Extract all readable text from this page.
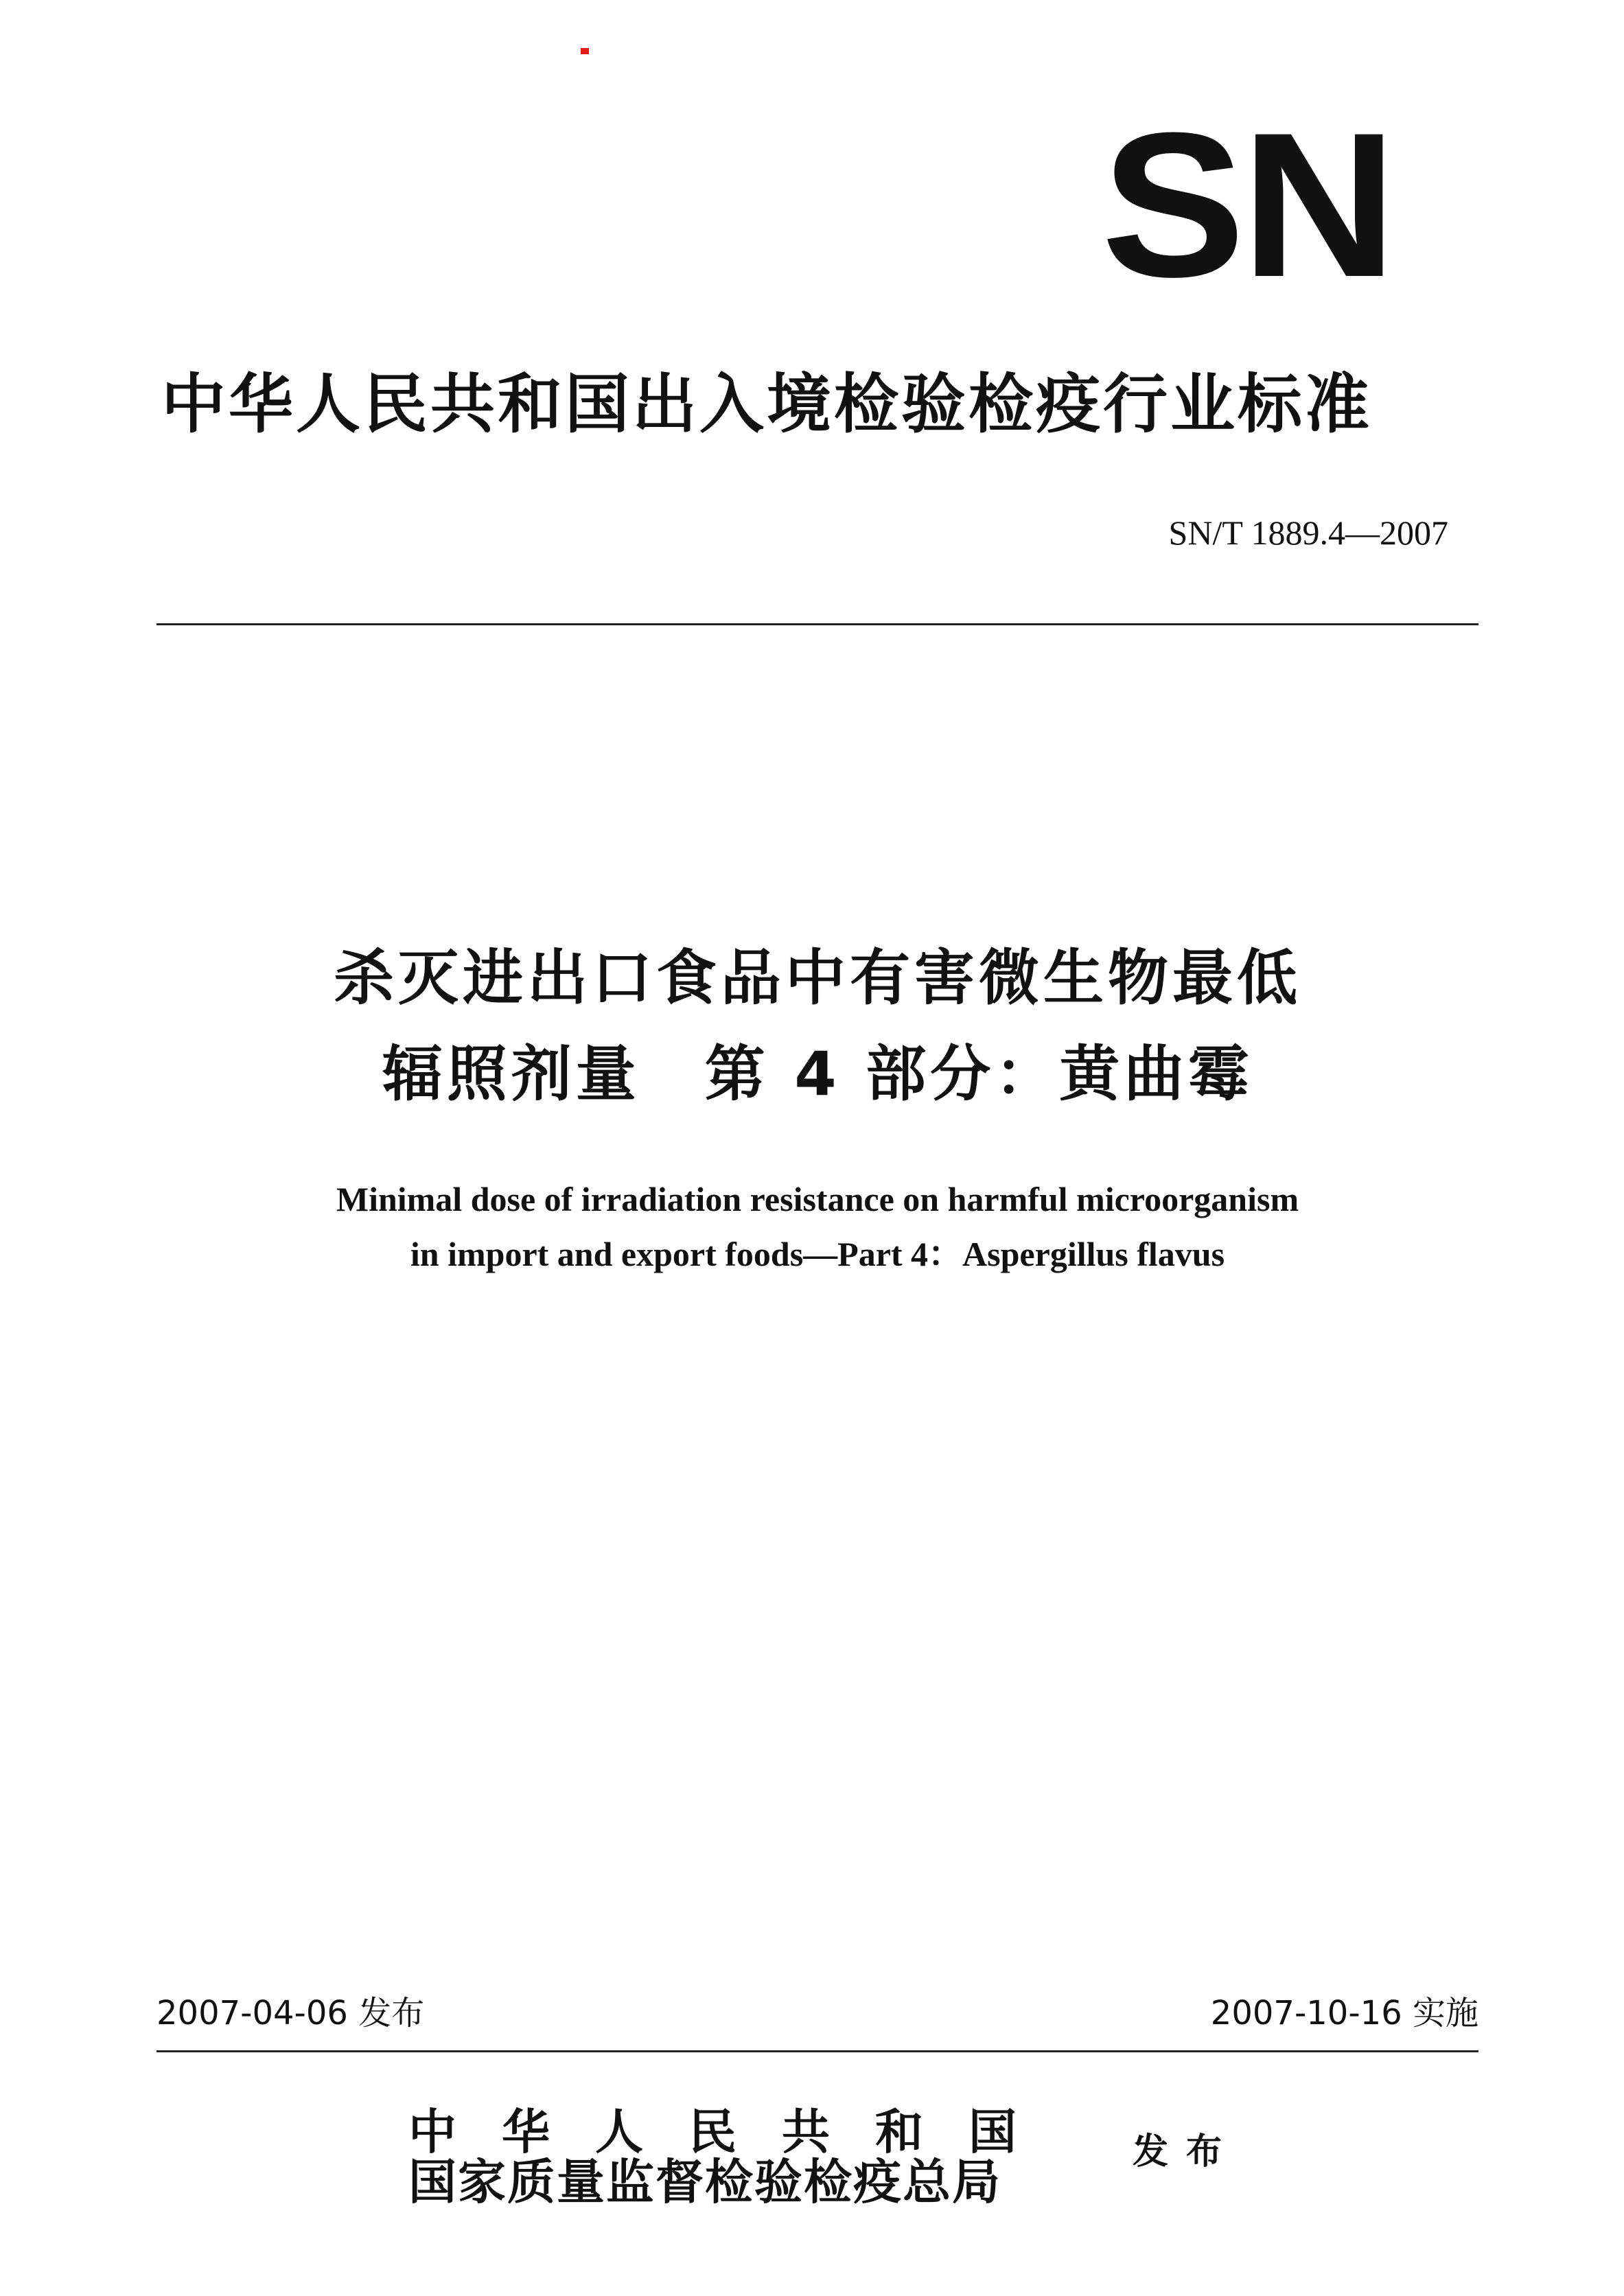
SN
中华人民共和国出入境检验检疫行业标准
SN/T 1889.4—2007
杀灭进出口食品中有害微生物最低
辐照剂量　第 4 部分：黄曲霉
Minimal dose of irradiation resistance on harmful microorganism
in import and export foods—Part 4：Aspergillus flavus
2007-04-06 发布	2007-10-16 实施
中华人民共和国
国家质量监督检验检疫总局
发布
